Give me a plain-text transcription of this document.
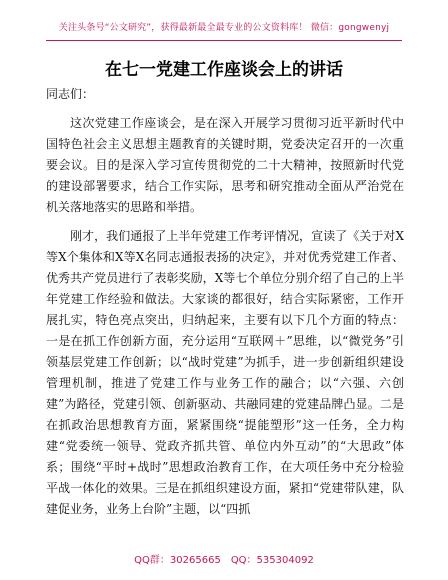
关注头条号“公文研究”，获得最新最全最专业的公文资料库！ 微信：gongwenyj
在七一党建工作座谈会上的讲话

同志们：

这次党建工作座谈会，是在深入开展学习贯彻习近平新时代中国特色社会主义思想主题教育的关键时期，党委决定召开的一次重要会议。目的是深入学习宣传贯彻党的二十大精神，按照新时代党的建设部署要求，结合工作实际，思考和研究推动全面从严治党在机关落地落实的思路和举措。

刚才，我们通报了上半年党建工作考评情况，宣读了《关于对X等X个集体和X等X名同志通报表扬的决定》，并对优秀党建工作者、优秀共产党员进行了表彰奖励，X等七个单位分别介绍了自己的上半年党建工作经验和做法。大家谈的都很好，结合实际紧密，工作开展扎实，特色亮点突出，归纳起来，主要有以下几个方面的特点：一是在抓工作创新方面，充分运用“互联网＋”思维，以“微党务”引领基层党建工作创新；以“战时党建”为抓手，进一步创新组织建设管理机制，推进了党建工作与业务工作的融合；以“六强、六创建”为路径，党建引领、创新驱动、共融同建的党建品牌凸显。二是在抓政治思想教育方面，紧紧围绕“提能塑形”这一任务，全力构建“党委统一领导、党政齐抓共管、单位内外互动”的“大思政”体系；围绕“平时+战时”思想政治教育工作，在大项任务中充分检验平战一体化的效果。三是在抓组织建设方面，紧扣“党建带队建，队建促业务，业务上台阶”主题，以“四抓

QQ群：30265665 QQ：535304092
